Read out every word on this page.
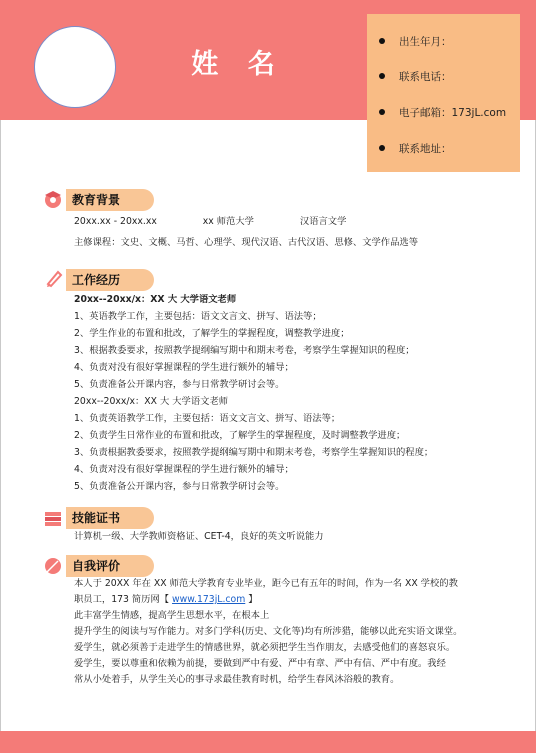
姓 名
出生年月：
联系电话：
电子邮箱：173jL.com
联系地址：
教育背景
20xx.xx - 20xx.xx	xx 师范大学	汉语言文学
主修课程：文史、文概、马哲、心理学、现代汉语、古代汉语、思修、文学作品选等
工作经历
20xx--20xx/x：XX 大 大学语文老师
1、英语教学工作，主要包括：语文文言文、拼写、语法等；
2、学生作业的布置和批改，了解学生的掌握程度，调整教学进度；
3、根据教委要求，按照教学提纲编写期中和期末考卷，考察学生掌握知识的程度；
4、负责对没有很好掌握课程的学生进行额外的辅导；
5、负责准备公开课内容，参与日常教学研讨会等。
20xx--20xx/x：XX 大 大学语文老师
1、负责英语教学工作，主要包括：语文文言文、拼写、语法等；
2、负责学生日常作业的布置和批改，了解学生的掌握程度，及时调整教学进度；
3、负责根据教委要求，按照教学提纲编写期中和期末考卷，考察学生掌握知识的程度；
4、负责对没有很好掌握课程的学生进行额外的辅导；
5、负责准备公开课内容，参与日常教学研讨会等。
技能证书
计算机一级、大学教师资格证、CET-4，良好的英文听说能力
自我评价
本人于 20XX 年在 XX 师范大学教育专业毕业，距今已有五年的时间，作为一名 XX 学校的教
职员工，173 简历网【 www.173jL.com 】
此丰富学生情感，提高学生思想水平，在根本上
提升学生的阅读与写作能力。对多门学科(历史、文化等)均有所涉猎，能够以此充实语文课堂。
爱学生，就必须善于走进学生的情感世界，就必须把学生当作朋友，去感受他们的喜怒哀乐。
爱学生，要以尊重和依赖为前提，要做到严中有爱、严中有章、严中有信、严中有度。我经
常从小处着手，从学生关心的事寻求最佳教育时机，给学生春风沐浴般的教育。
